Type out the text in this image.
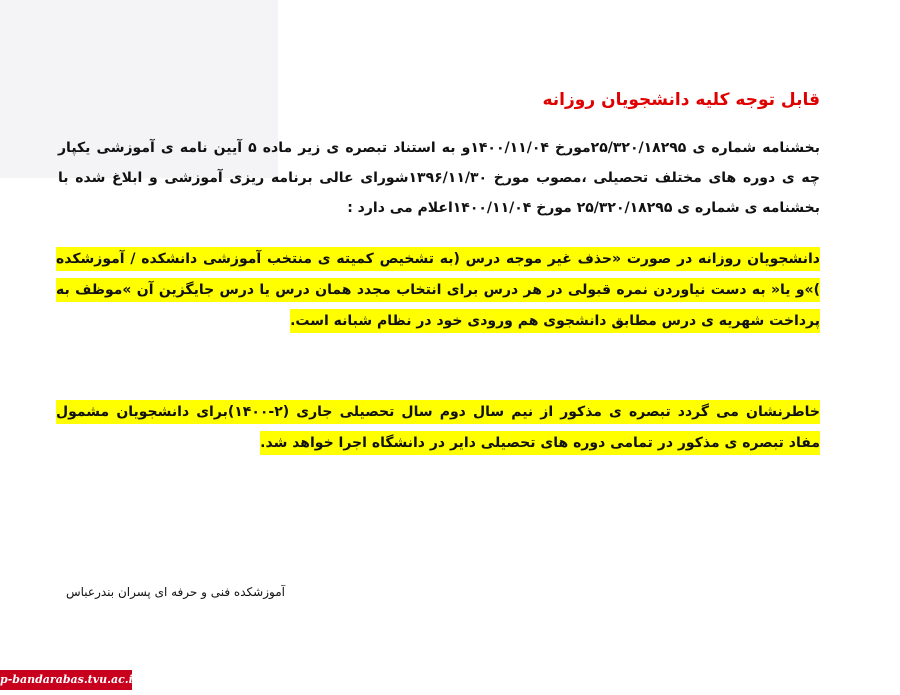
قابل توجه کلیه دانشجویان روزانه
بخشنامه شماره ی ۲۵/۳۲۰/۱۸۲۹۵مورخ ۱۴۰۰/۱۱/۰۴و به استناد تبصره ی زیر ماده ۵ آیین نامه ی آموزشی یکپار چه ی دوره های مختلف تحصیلی ،مصوب مورخ ۱۳۹۶/۱۱/۳۰شورای عالی برنامه ریزی آموزشی و ابلاغ شده با بخشنامه ی شماره ی ۲۵/۳۲۰/۱۸۲۹۵ مورخ ۱۴۰۰/۱۱/۰۴اعلام می دارد :
دانشجویان روزانه در صورت «حذف غیر موجه درس (به تشخیص کمیته ی منتخب آموزشی دانشکده / آموزشکده )»و یا« به دست نیاوردن نمره قبولی در هر درس برای انتخاب مجدد همان درس یا درس جایگزین آن »موظف به پرداخت شهریه ی درس مطابق دانشجوی هم ورودی خود در نظام شبانه است.
خاطرنشان می گردد تبصره ی مذکور از نیم سال دوم سال تحصیلی جاری (۲-۱۴۰۰)برای دانشجویان مشمول مفاد تبصره ی مذکور در تمامی دوره های تحصیلی دایر در دانشگاه اجرا خواهد شد.
آموزشکده فنی و حرفه ای پسران بندرعباس
p-bandarabas.tvu.ac.ir
